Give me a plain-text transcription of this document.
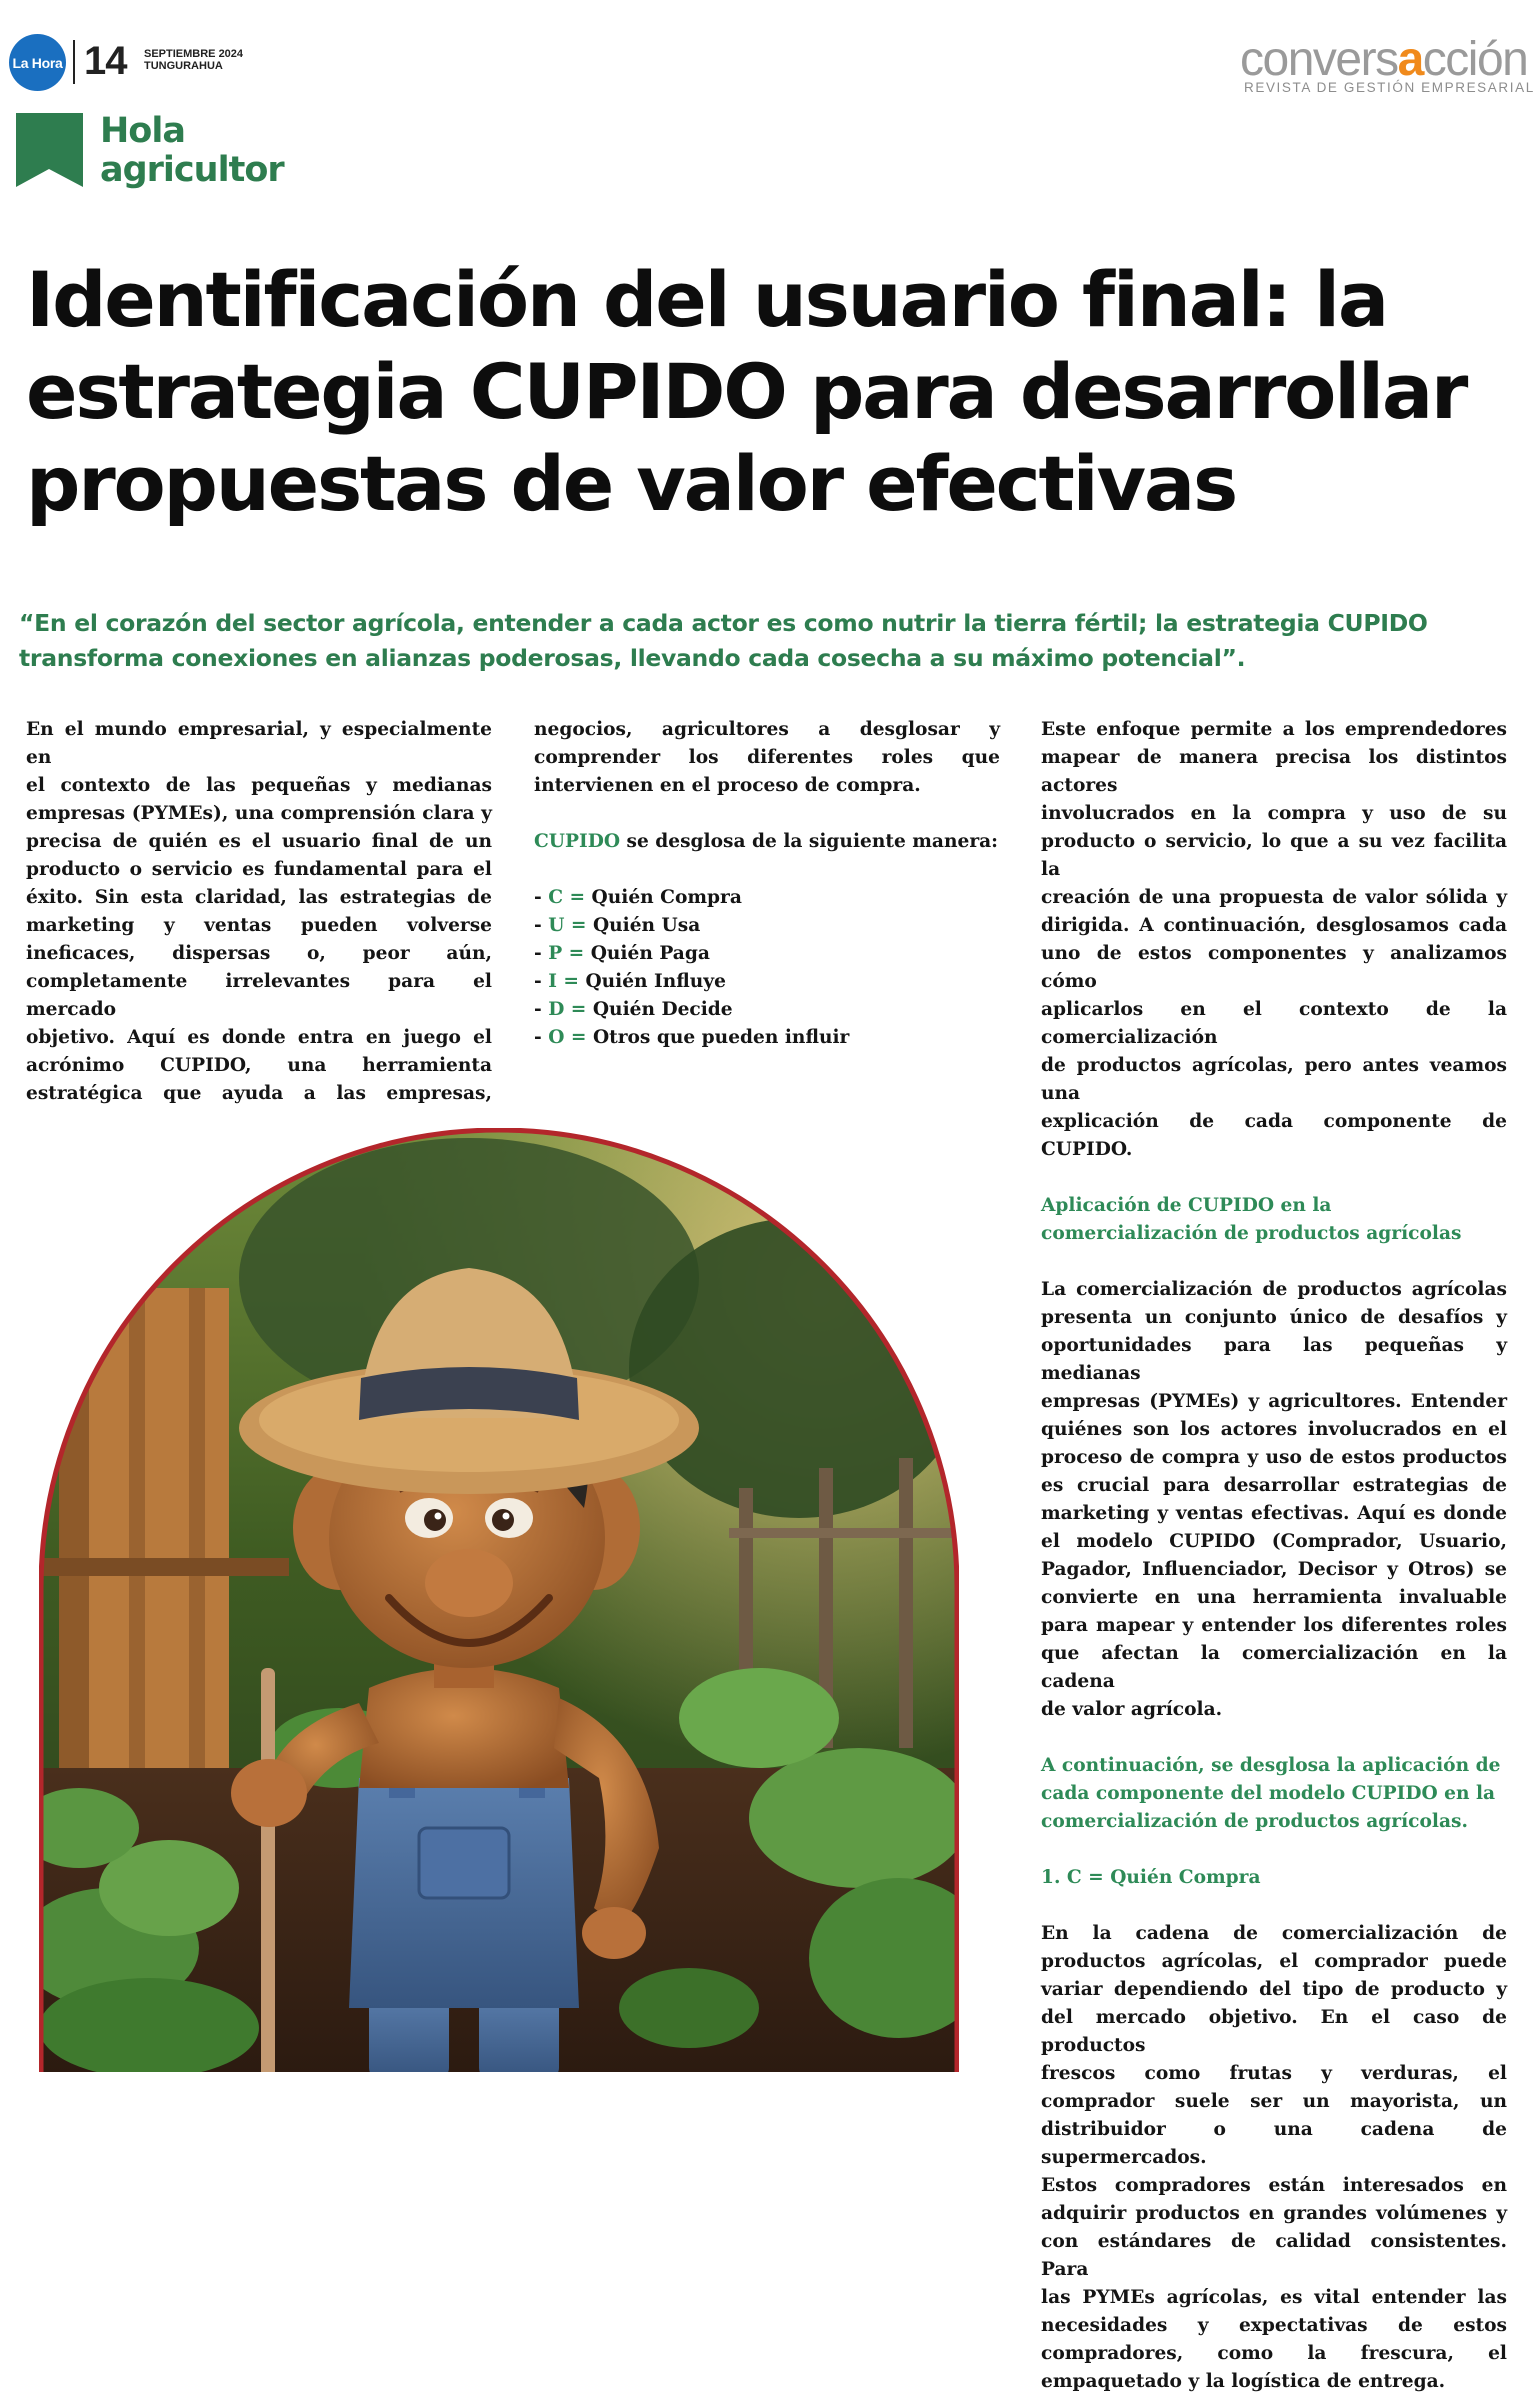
La Hora 14 SEPTIEMBRE 2024
TUNGURAHUA	conversacción
REVISTA DE GESTIÓN EMPRESARIAL
Hola
agricultor
Identificación del usuario final: la estrategia CUPIDO para desarrollar propuestas de valor efectivas

“En el corazón del sector agrícola, entender a cada actor es como nutrir la tierra fértil; la estrategia CUPIDO transforma conexiones en alianzas poderosas, llevando cada cosecha a su máximo potencial”.

En el mundo empresarial, y especialmente en

el contexto de las pequeñas y medianas

empresas (PYMEs), una comprensión clara y

precisa de quién es el usuario final de un

producto o servicio es fundamental para el

éxito. Sin esta claridad, las estrategias de

marketing y ventas pueden volverse

ineficaces, dispersas o, peor aún,

completamente irrelevantes para el mercado

objetivo. Aquí es donde entra en juego el

acrónimo CUPIDO, una herramienta

estratégica que ayuda a las empresas,

negocios, agricultores a desglosar y

comprender los diferentes roles que

intervienen en el proceso de compra.

CUPIDO se desglosa de la siguiente manera:

- C = Quién Compra

- U = Quién Usa

- P = Quién Paga

- I = Quién Influye

- D = Quién Decide

- O = Otros que pueden influir

Este enfoque permite a los emprendedores

mapear de manera precisa los distintos actores

involucrados en la compra y uso de su

producto o servicio, lo que a su vez facilita la

creación de una propuesta de valor sólida y

dirigida. A continuación, desglosamos cada

uno de estos componentes y analizamos cómo

aplicarlos en el contexto de la comercialización

de productos agrícolas, pero antes veamos una

explicación de cada componente de CUPIDO.

Aplicación de CUPIDO en la

comercialización de productos agrícolas

La comercialización de productos agrícolas

presenta un conjunto único de desafíos y

oportunidades para las pequeñas y medianas

empresas (PYMEs) y agricultores. Entender

quiénes son los actores involucrados en el

proceso de compra y uso de estos productos

es crucial para desarrollar estrategias de

marketing y ventas efectivas. Aquí es donde

el modelo CUPIDO (Comprador, Usuario,

Pagador, Influenciador, Decisor y Otros) se

convierte en una herramienta invaluable

para mapear y entender los diferentes roles

que afectan la comercialización en la cadena

de valor agrícola.

A continuación, se desglosa la aplicación de

cada componente del modelo CUPIDO en la

comercialización de productos agrícolas.

1. C = Quién Compra

En la cadena de comercialización de

productos agrícolas, el comprador puede

variar dependiendo del tipo de producto y

del mercado objetivo. En el caso de productos

frescos como frutas y verduras, el

comprador suele ser un mayorista, un

distribuidor o una cadena de supermercados.

Estos compradores están interesados en

adquirir productos en grandes volúmenes y

con estándares de calidad consistentes. Para

las PYMEs agrícolas, es vital entender las

necesidades y expectativas de estos

compradores, como la frescura, el

empaquetado y la logística de entrega.
